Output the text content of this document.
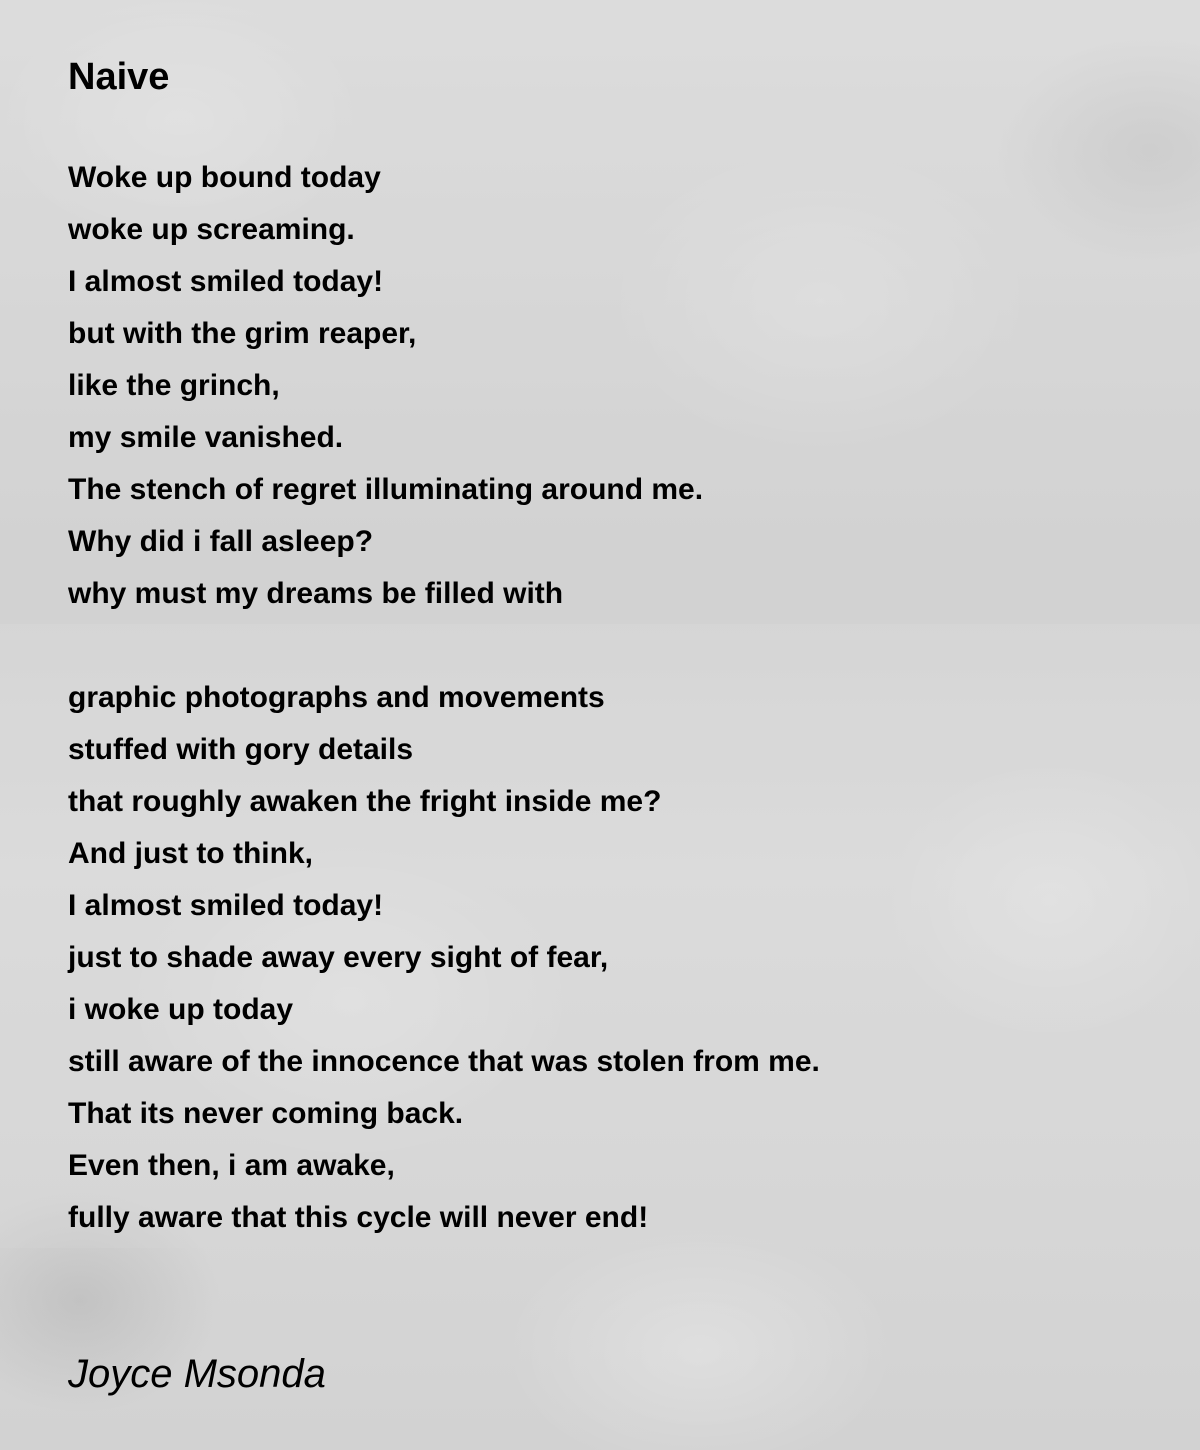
Naive
Woke up bound today
woke up screaming.
I almost smiled today!
but with the grim reaper,
like the grinch,
my smile vanished.
The stench of regret illuminating around me.
Why did i fall asleep?
why must my dreams be filled with
graphic photographs and movements
stuffed with gory details
that roughly awaken the fright inside me?
And just to think,
I almost smiled today!
just to shade away every sight of fear,
i woke up today
still aware of the innocence that was stolen from me.
That its never coming back.
Even then, i am awake,
fully aware that this cycle will never end!
Joyce Msonda
